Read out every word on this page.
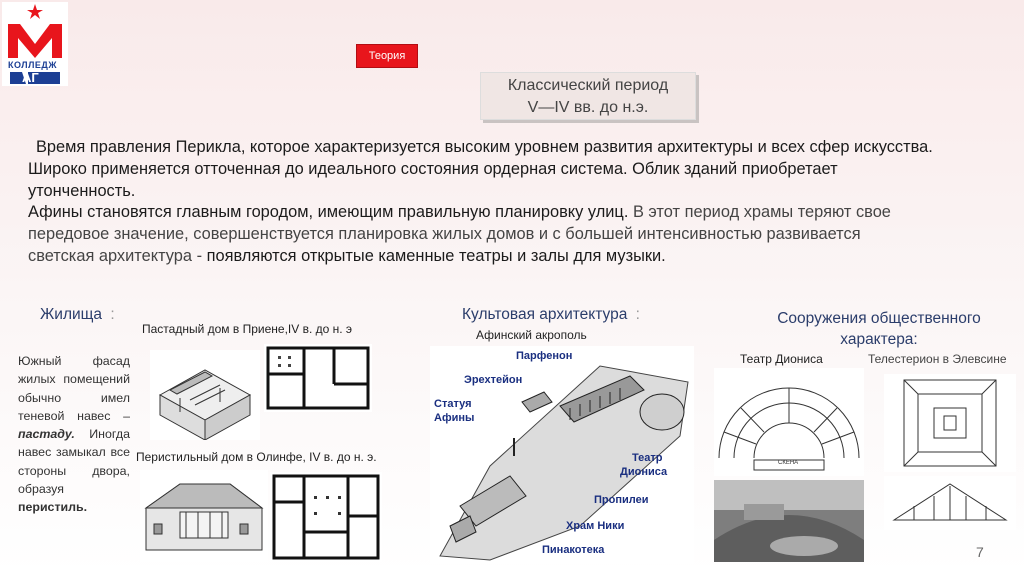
КОЛЛЕДЖ
АГ
Теория
Классический период
V—IV вв. до н.э.

Время правления Перикла, которое характеризуется высоким уровнем развития архитектуры и всех сфер искусства.

Широко применяется отточенная до идеального состояния ордерная система. Облик зданий приобретает

утонченность.

Афины становятся главным городом, имеющим правильную планировку улиц. В этот период храмы теряют свое

передовое значение, совершенствуется планировка жилых домов и с большей интенсивностью развивается

светская архитектура - появляются открытые каменные театры и залы для музыки.

Жилища :
Пастадный дом в Приене,IV в. до н. э
Южный фасад жилых помещений обычно имел теневой навес – пастаду. Иногда навес замыкал все стороны двора, образуя перистиль.
Перистильный дом в Олинфе, IV в. до н. э.
Культовая архитектура :
Афинский акрополь
Парфенон
Эрехтейон
Статуя
Афины
Театр
Диониса
Пропилеи
Храм Ники
Пинакотека
Сооружения общественного
характера:
Театр Диониса	Телестерион в Элевсине
СКЕНА
7
